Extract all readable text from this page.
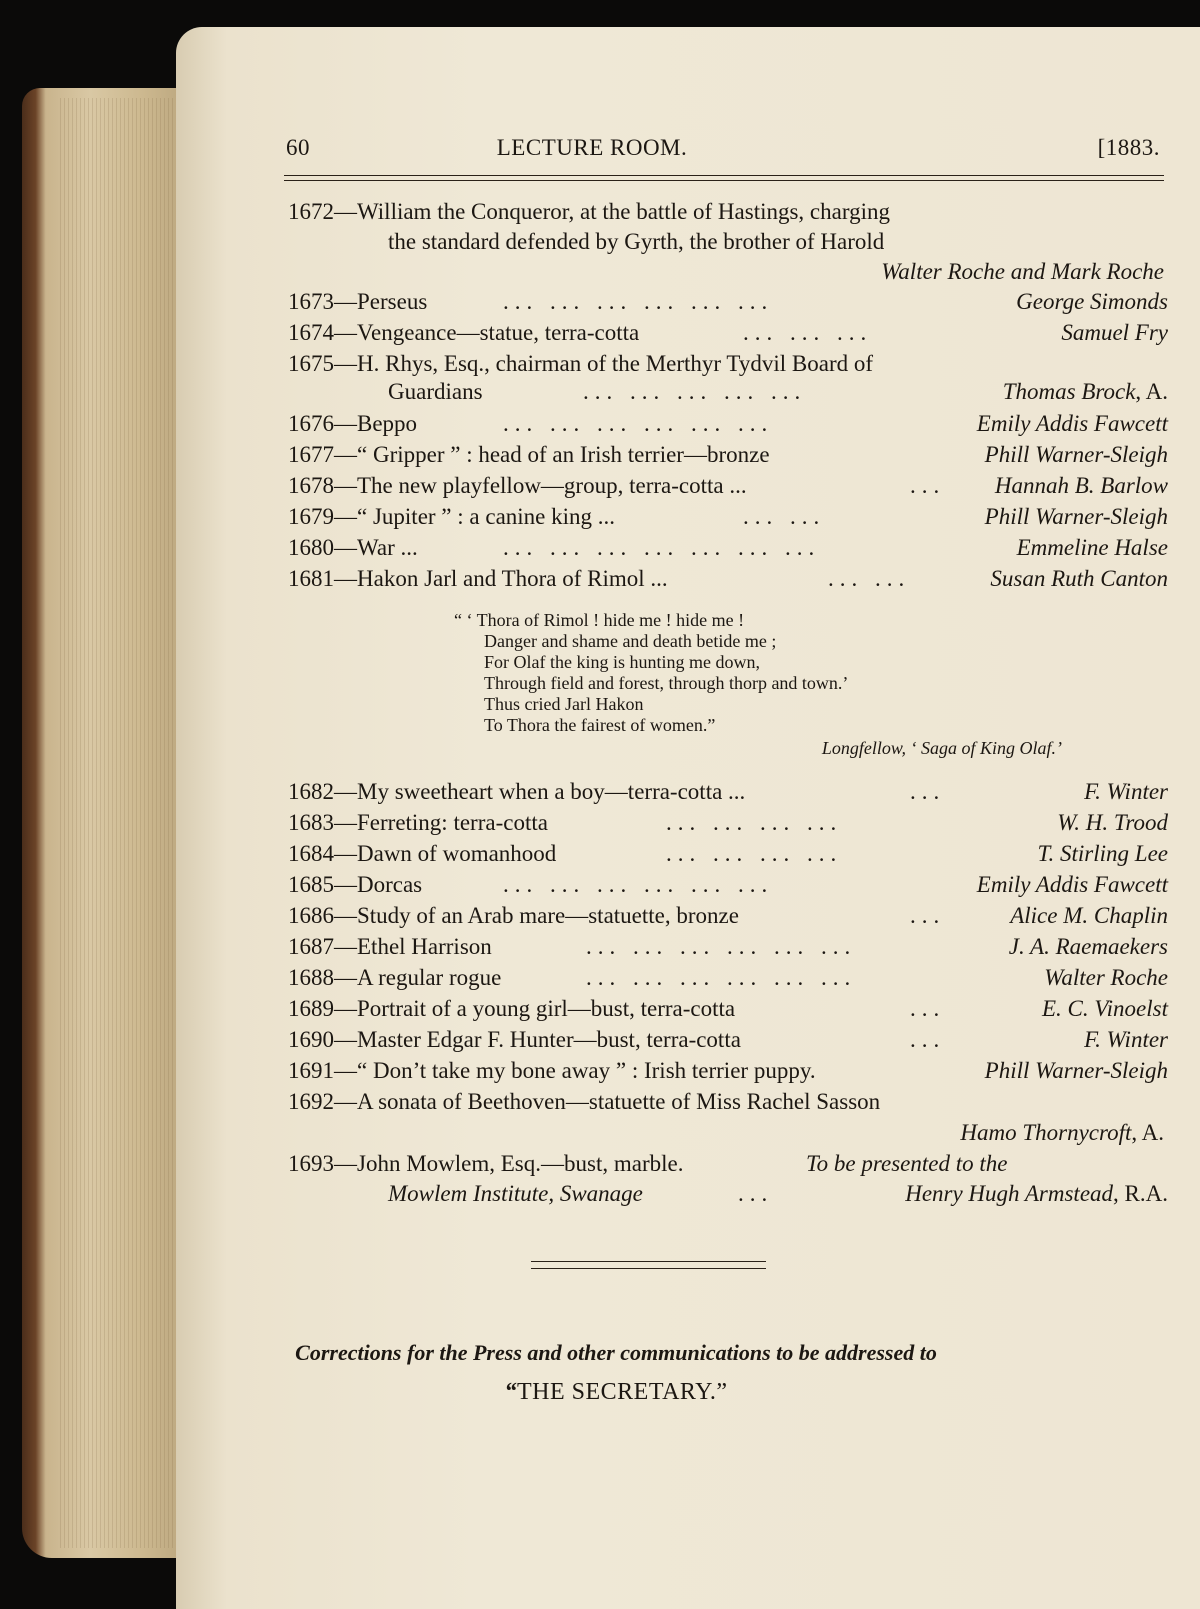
60	LECTURE ROOM.	[1883.
1672—William the Conqueror, at the battle of Hastings, charging
the standard defended by Gyrth, the brother of Harold
Walter Roche and Mark Roche
1673—Perseus	... ... ... ... ... ...	George Simonds
1674—Vengeance—statue, terra-cotta	... ... ...	Samuel Fry
1675—H. Rhys, Esq., chairman of the Merthyr Tydvil Board of
Guardians	... ... ... ... ...	Thomas Brock, A.
1676—Beppo	... ... ... ... ... ...	Emily Addis Fawcett
1677—“ Gripper ” : head of an Irish terrier—bronze	Phill Warner-Sleigh
1678—The new playfellow—group, terra-cotta ...	... Hannah B. Barlow
1679—“ Jupiter ” : a canine king ...	... ...	Phill Warner-Sleigh
1680—War ...	... ... ... ... ... ... ...	Emmeline Halse
1681—Hakon Jarl and Thora of Rimol ...	... ...	Susan Ruth Canton
“ ‘ Thora of Rimol ! hide me ! hide me !
Danger and shame and death betide me ;
For Olaf the king is hunting me down,
Through field and forest, through thorp and town.’
Thus cried Jarl Hakon
To Thora the fairest of women.”
Longfellow, ‘ Saga of King Olaf.’
1682—My sweetheart when a boy—terra-cotta ...	...	F. Winter
1683—Ferreting: terra-cotta	... ... ... ...	W. H. Trood
1684—Dawn of womanhood	... ... ... ...	T. Stirling Lee
1685—Dorcas	... ... ... ... ... ...	Emily Addis Fawcett
1686—Study of an Arab mare—statuette, bronze	...	Alice M. Chaplin
1687—Ethel Harrison	... ... ... ... ... ...	J. A. Raemaekers
1688—A regular rogue	... ... ... ... ... ...	Walter Roche
1689—Portrait of a young girl—bust, terra-cotta	...	E. C. Vinoelst
1690—Master Edgar F. Hunter—bust, terra-cotta	...	F. Winter
1691—“ Don’t take my bone away ” : Irish terrier puppy.	Phill Warner-Sleigh
1692—A sonata of Beethoven—statuette of Miss Rachel Sasson
Hamo Thornycroft, A.
1693—John Mowlem, Esq.—bust, marble.	To be presented to the
Mowlem Institute, Swanage	...	Henry Hugh Armstead, R.A.
Corrections for the Press and other communications to be addressed to
“THE SECRETARY.”
